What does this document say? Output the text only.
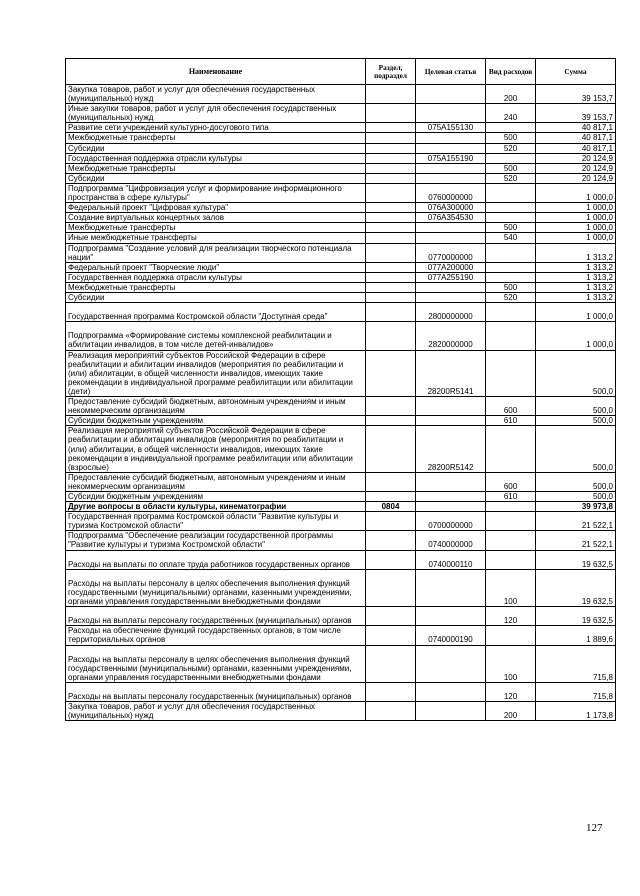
Наименование	Раздел, подраздел	Целевая статья	Вид расходов	Сумма
Закупка товаров, работ и услуг для обеспечения государственных (муниципальных) нужд			200	39 153,7
Иные закупки товаров, работ и услуг для обеспечения государственных (муниципальных) нужд			240	39 153,7
Развитие сети учреждений культурно-досугового типа		075А155130		40 817,1
Межбюджетные трансферты			500	40 817,1
Субсидии			520	40 817,1
Государственная поддержка отрасли культуры		075А155190		20 124,9
Межбюджетные трансферты			500	20 124,9
Субсидии			520	20 124,9
Подпрограмма "Цифровизация услуг и формирование информационного пространства в сфере культуры"		0760000000		1 000,0
Федеральный проект "Цифровая культура"		076А300000		1 000,0
Создание виртуальных концертных залов		076А354530		1 000,0
Межбюджетные трансферты			500	1 000,0
Иные межбюджетные трансферты			540	1 000,0
Подпрограмма "Создание условий для реализации творческого потенциала нации"		0770000000		1 313,2
Федеральный проект "Творческие люди"		077А200000		1 313,2
Государственная поддержка отрасли культуры		077А255190		1 313,2
Межбюджетные трансферты			500	1 313,2
Субсидии			520	1 313,2
Государственная программа Костромской области "Доступная среда"		2800000000		1 000,0
Подпрограмма «Формирование системы комплексной реабилитации и абилитации инвалидов, в том числе детей-инвалидов»		2820000000		1 000,0
Реализация мероприятий субъектов Российской Федерации в сфере реабилитации и абилитации инвалидов (мероприятия по реабилитации и (или) абилитации, в общей численности инвалидов, имеющих такие рекомендации в индивидуальной программе реабилитации или абилитации (дети)		28200R5141		500,0
Предоставление субсидий бюджетным, автономным учреждениям и иным некоммерческим организациям			600	500,0
Субсидии бюджетным учреждениям			610	500,0
Реализация мероприятий субъектов Российской Федерации в сфере реабилитации и абилитации инвалидов (мероприятия по реабилитации и (или) абилитации, в общей численности инвалидов, имеющих такие рекомендации в индивидуальной программе реабилитации или абилитации (взрослые)		28200R5142		500,0
Предоставление субсидий бюджетным, автономным учреждениям и иным некоммерческим организациям			600	500,0
Субсидии бюджетным учреждениям			610	500,0
Другие вопросы в области культуры, кинематографии	0804			39 973,8
Государственная программа Костромской области "Развитие культуры и туризма Костромской области"		0700000000		21 522,1
Подпрограмма "Обеспечение реализации государственной программы "Развитие культуры и туризма Костромской области"		0740000000		21 522,1
Расходы на выплаты по оплате труда работников государственных органов		0740000110		19 632,5
Расходы на выплаты персоналу в целях обеспечения выполнения функций государственными (муниципальными) органами, казенными учреждениями, органами управления государственными внебюджетными фондами			100	19 632,5
Расходы на выплаты персоналу государственных (муниципальных) органов			120	19 632,5
Расходы на обеспечение функций государственных органов, в том числе территориальных органов		0740000190		1 889,6
Расходы на выплаты персоналу в целях обеспечения выполнения функций государственными (муниципальными) органами, казенными учреждениями, органами управления государственными внебюджетными фондами			100	715,8
Расходы на выплаты персоналу государственных (муниципальных) органов			120	715,8
Закупка товаров, работ и услуг для обеспечения государственных (муниципальных) нужд			200	1 173,8
127
